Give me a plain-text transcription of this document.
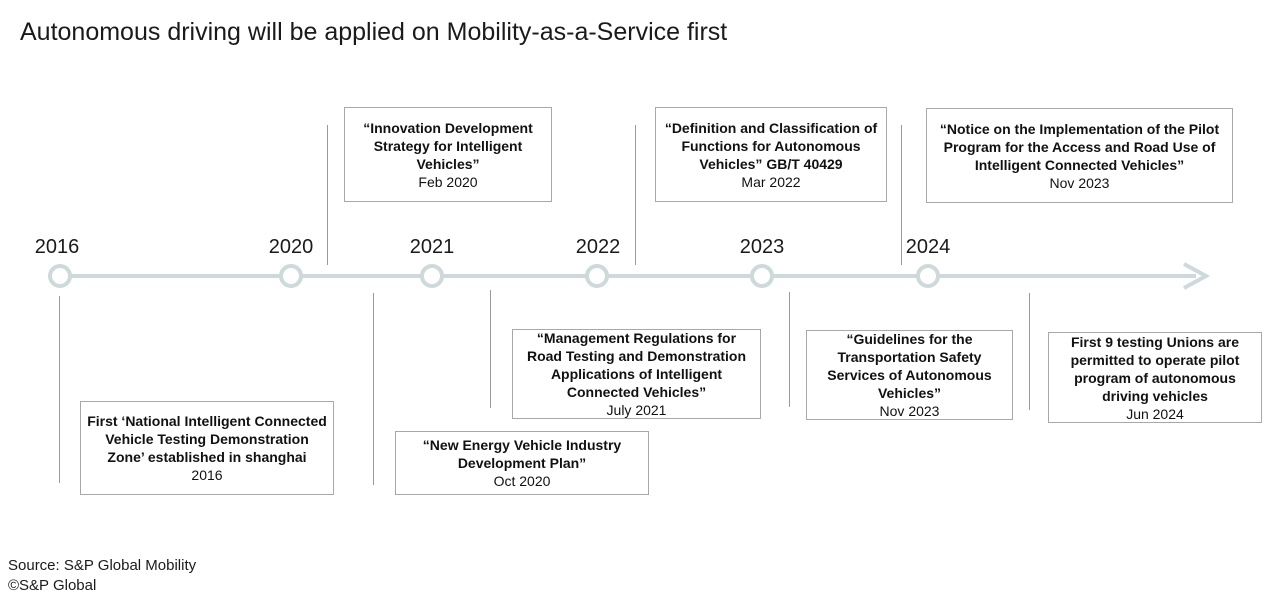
Autonomous driving will be applied on Mobility-as-a-Service first
2016	2020	2021	2022	2023	2024
“Innovation Development Strategy for Intelligent Vehicles”
Feb 2020
“Definition and Classification of Functions for Autonomous Vehicles” GB/T 40429
Mar 2022
“Notice on the Implementation of the Pilot Program for the Access and Road Use of Intelligent Connected Vehicles”
Nov 2023
First ‘National Intelligent Connected Vehicle Testing Demonstration Zone’ established in shanghai
2016
“New Energy Vehicle Industry Development Plan”
Oct 2020
“Management Regulations for Road Testing and Demonstration Applications of Intelligent Connected Vehicles”
July 2021
“Guidelines for the Transportation Safety Services of Autonomous Vehicles”
Nov 2023
First 9 testing Unions are permitted to operate pilot program of autonomous driving vehicles
Jun 2024
Source: S&P Global Mobility
©S&P Global
